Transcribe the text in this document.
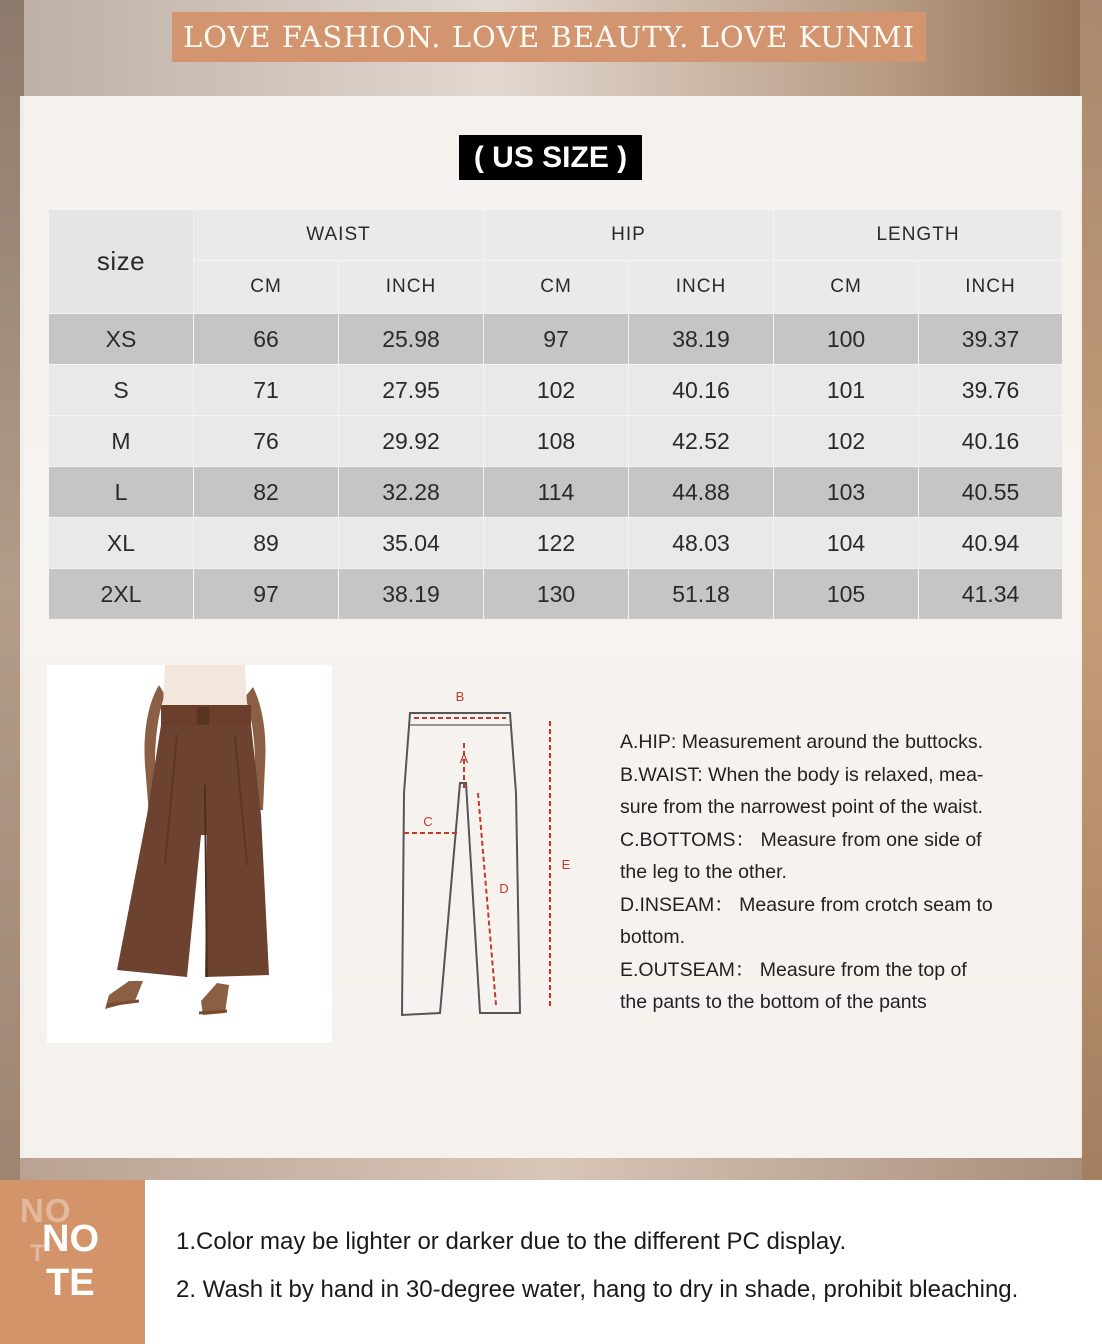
LOVE FASHION. LOVE BEAUTY. LOVE KUNMI
( US SIZE )
size	WAIST		HIP		LENGTH	
	CM	INCH	CM	INCH	CM	INCH
XS	66	25.98	97	38.19	100	39.37
S	71	27.95	102	40.16	101	39.76
M	76	29.92	108	42.52	102	40.16
L	82	32.28	114	44.88	103	40.55
XL	89	35.04	122	48.03	104	40.94
2XL	97	38.19	130	51.18	105	41.34
B
A
C
D
E

A.HIP: Measurement around the buttocks.

B.WAIST: When the body is relaxed, mea-
sure from the narrowest point of the waist.

C.BOTTOMS： Measure from one side of
the leg to the other.

D.INSEAM： Measure from crotch seam to
bottom.

E.OUTSEAM： Measure from the top of
the pants to the bottom of the pants

NO
T
NO
TE
1.Color may be lighter or darker due to the different PC display.
2. Wash it by hand in 30-degree water, hang to dry in shade, prohibit bleaching.
